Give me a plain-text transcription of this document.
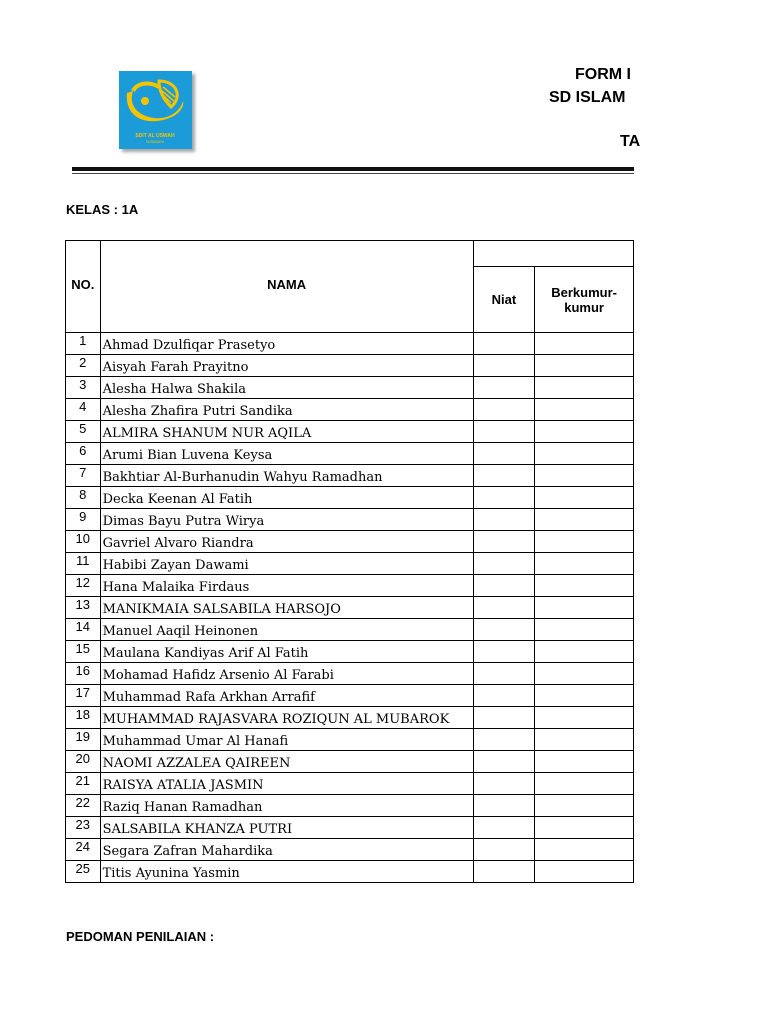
SDIT AL USWAH
SURABAYA
FORM I
SD ISLAM
TA
KELAS : 1A
NO.	NAMA		
		Niat	Berkumur-
kumur
1	Ahmad Dzulfiqar Prasetyo		
2	Aisyah Farah Prayitno		
3	Alesha Halwa Shakila		
4	Alesha Zhafira Putri Sandika		
5	ALMIRA SHANUM NUR AQILA		
6	Arumi Bian Luvena Keysa		
7	Bakhtiar Al-Burhanudin Wahyu Ramadhan		
8	Decka Keenan Al Fatih		
9	Dimas Bayu Putra Wirya		
10	Gavriel Alvaro Riandra		
11	Habibi Zayan Dawami		
12	Hana Malaika Firdaus		
13	MANIKMAIA SALSABILA HARSOJO		
14	Manuel Aaqil Heinonen		
15	Maulana Kandiyas Arif Al Fatih		
16	Mohamad Hafidz Arsenio Al Farabi		
17	Muhammad Rafa Arkhan Arrafif		
18	MUHAMMAD RAJASVARA ROZIQUN AL MUBAROK		
19	Muhammad Umar Al Hanafi		
20	NAOMI AZZALEA QAIREEN		
21	RAISYA ATALIA JASMIN		
22	Raziq Hanan Ramadhan		
23	SALSABILA KHANZA PUTRI		
24	Segara Zafran Mahardika		
25	Titis Ayunina Yasmin		
PEDOMAN PENILAIAN :
